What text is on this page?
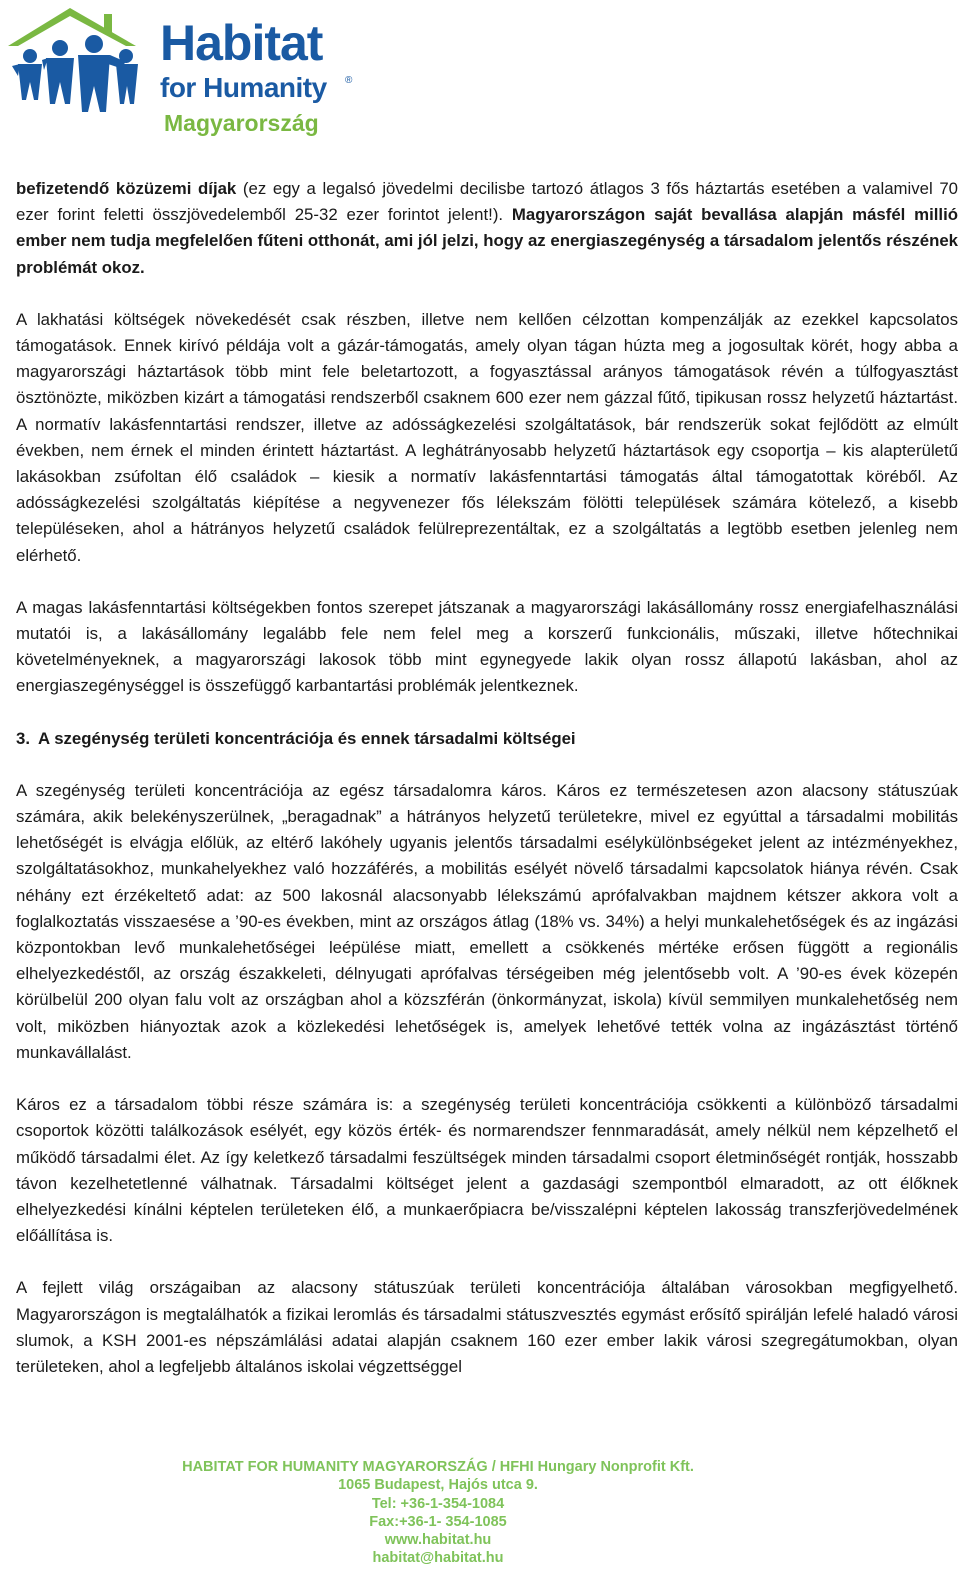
Habitat
for Humanity ®
Magyarország

befizetendő közüzemi díjak (ez egy a legalsó jövedelmi decilisbe tartozó átlagos 3 fős háztartás esetében a valamivel 70 ezer forint feletti összjövedelemből 25-32 ezer forintot jelent!). Magyarországon saját bevallása alapján másfél millió ember nem tudja megfelelően fűteni otthonát, ami jól jelzi, hogy az energiaszegénység a társadalom jelentős részének problémát okoz.

A lakhatási költségek növekedését csak részben, illetve nem kellően célzottan kompenzálják az ezekkel kapcsolatos támogatások. Ennek kirívó példája volt a gázár-támogatás, amely olyan tágan húzta meg a jogosultak körét, hogy abba a magyarországi háztartások több mint fele beletartozott, a fogyasztással arányos támogatások révén a túlfogyasztást ösztönözte, miközben kizárt a támogatási rendszerből csaknem 600 ezer nem gázzal fűtő, tipikusan rossz helyzetű háztartást. A normatív lakásfenntartási rendszer, illetve az adósságkezelési szolgáltatások, bár rendszerük sokat fejlődött az elmúlt években, nem érnek el minden érintett háztartást. A leghátrányosabb helyzetű háztartások egy csoportja – kis alapterületű lakásokban zsúfoltan élő családok – kiesik a normatív lakásfenntartási támogatás által támogatottak köréből. Az adósságkezelési szolgáltatás kiépítése a negyvenezer fős lélekszám fölötti települések számára kötelező, a kisebb településeken, ahol a hátrányos helyzetű családok felülreprezentáltak, ez a szolgáltatás a legtöbb esetben jelenleg nem elérhető.

A magas lakásfenntartási költségekben fontos szerepet játszanak a magyarországi lakásállomány rossz energiafelhasználási mutatói is, a lakásállomány legalább fele nem felel meg a korszerű funkcionális, műszaki, illetve hőtechnikai követelményeknek, a magyarországi lakosok több mint egynegyede lakik olyan rossz állapotú lakásban, ahol az energiaszegénységgel is összefüggő karbantartási problémák jelentkeznek.

3. A szegénység területi koncentrációja és ennek társadalmi költségei

A szegénység területi koncentrációja az egész társadalomra káros. Káros ez természetesen azon alacsony státuszúak számára, akik belekényszerülnek, „beragadnak” a hátrányos helyzetű területekre, mivel ez egyúttal a társadalmi mobilitás lehetőségét is elvágja előlük, az eltérő lakóhely ugyanis jelentős társadalmi esélykülönbségeket jelent az intézményekhez, szolgáltatásokhoz, munkahelyekhez való hozzáférés, a mobilitás esélyét növelő társadalmi kapcsolatok hiánya révén. Csak néhány ezt érzékeltető adat: az 500 lakosnál alacsonyabb lélekszámú aprófalvakban majdnem kétszer akkora volt a foglalkoztatás visszaesése a ’90-es években, mint az országos átlag (18% vs. 34%) a helyi munkalehetőségek és az ingázási központokban levő munkalehetőségei leépülése miatt, emellett a csökkenés mértéke erősen függött a regionális elhelyezkedéstől, az ország északkeleti, délnyugati aprófalvas térségeiben még jelentősebb volt. A ’90-es évek közepén körülbelül 200 olyan falu volt az országban ahol a közszférán (önkormányzat, iskola) kívül semmilyen munkalehetőség nem volt, miközben hiányoztak azok a közlekedési lehetőségek is, amelyek lehetővé tették volna az ingázásztást történő munkavállalást.

Káros ez a társadalom többi része számára is: a szegénység területi koncentrációja csökkenti a különböző társadalmi csoportok közötti találkozások esélyét, egy közös érték- és normarendszer fennmaradását, amely nélkül nem képzelhető el működő társadalmi élet. Az így keletkező társadalmi feszültségek minden társadalmi csoport életminőségét rontják, hosszabb távon kezelhetetlenné válhatnak. Társadalmi költséget jelent a gazdasági szempontból elmaradott, az ott élőknek elhelyezkedési kínálni képtelen területeken élő, a munkaerőpiacra be/visszalépni képtelen lakosság transzferjövedelmének előállítása is.

A fejlett világ országaiban az alacsony státuszúak területi koncentrációja általában városokban megfigyelhető. Magyarországon is megtalálhatók a fizikai leromlás és társadalmi státuszvesztés egymást erősítő spirálján lefelé haladó városi slumok, a KSH 2001-es népszámlálási adatai alapján csaknem 160 ezer ember lakik városi szegregátumokban, olyan területeken, ahol a legfeljebb általános iskolai végzettséggel

HABITAT FOR HUMANITY MAGYARORSZÁG / HFHI Hungary Nonprofit Kft.
1065 Budapest, Hajós utca 9.
Tel: +36-1-354-1084
Fax:+36-1- 354-1085
www.habitat.hu
habitat@habitat.hu
